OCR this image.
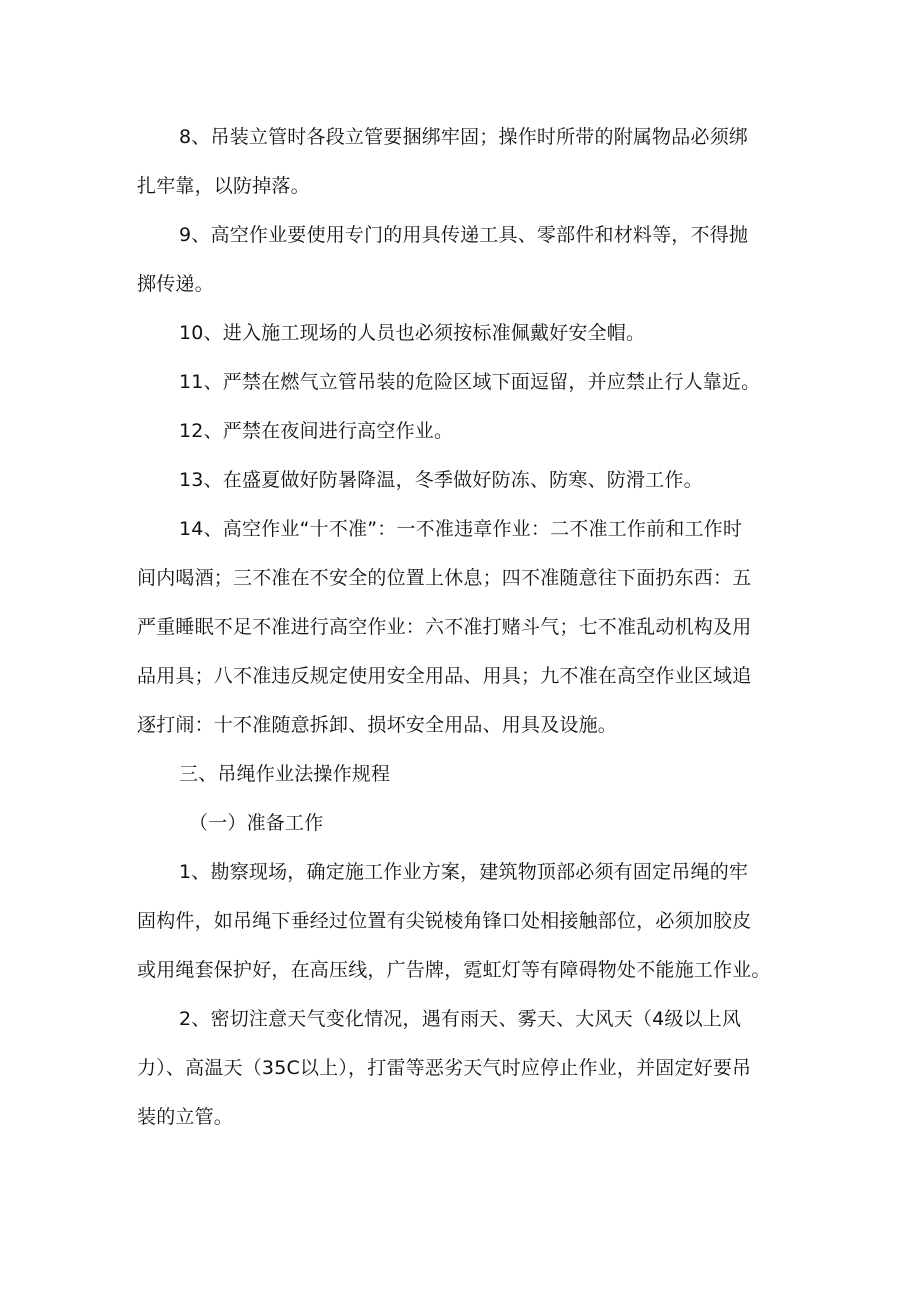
8、吊装立管时各段立管要捆绑牢固；操作时所带的附属物品必须绑
扎牢靠，以防掉落。
9、高空作业要使用专门的用具传递工具、零部件和材料等，不得抛
掷传递。
10、进入施工现场的人员也必须按标准佩戴好安全帽。
11、严禁在燃气立管吊装的危险区域下面逗留，并应禁止行人靠近。
12、严禁在夜间进行高空作业。
13、在盛夏做好防暑降温，冬季做好防冻、防寒、防滑工作。
14、高空作业“十不准”：一不准违章作业：二不准工作前和工作时
间内喝酒；三不准在不安全的位置上休息；四不准随意往下面扔东西：五
严重睡眠不足不准进行高空作业：六不准打赌斗气；七不准乱动机构及用
品用具；八不准违反规定使用安全用品、用具；九不准在高空作业区域追
逐打闹：十不准随意拆卸、损坏安全用品、用具及设施。
三、吊绳作业法操作规程
（一）准备工作
1、勘察现场，确定施工作业方案，建筑物顶部必须有固定吊绳的牢
固构件，如吊绳下垂经过位置有尖锐棱角锋口处相接触部位，必须加胶皮
或用绳套保护好，在高压线，广告牌，霓虹灯等有障碍物处不能施工作业。
2、密切注意天气变化情况，遇有雨天、雾天、大风天（4级以上风
力）、高温天（35C以上），打雷等恶劣天气时应停止作业，并固定好要吊
装的立管。
